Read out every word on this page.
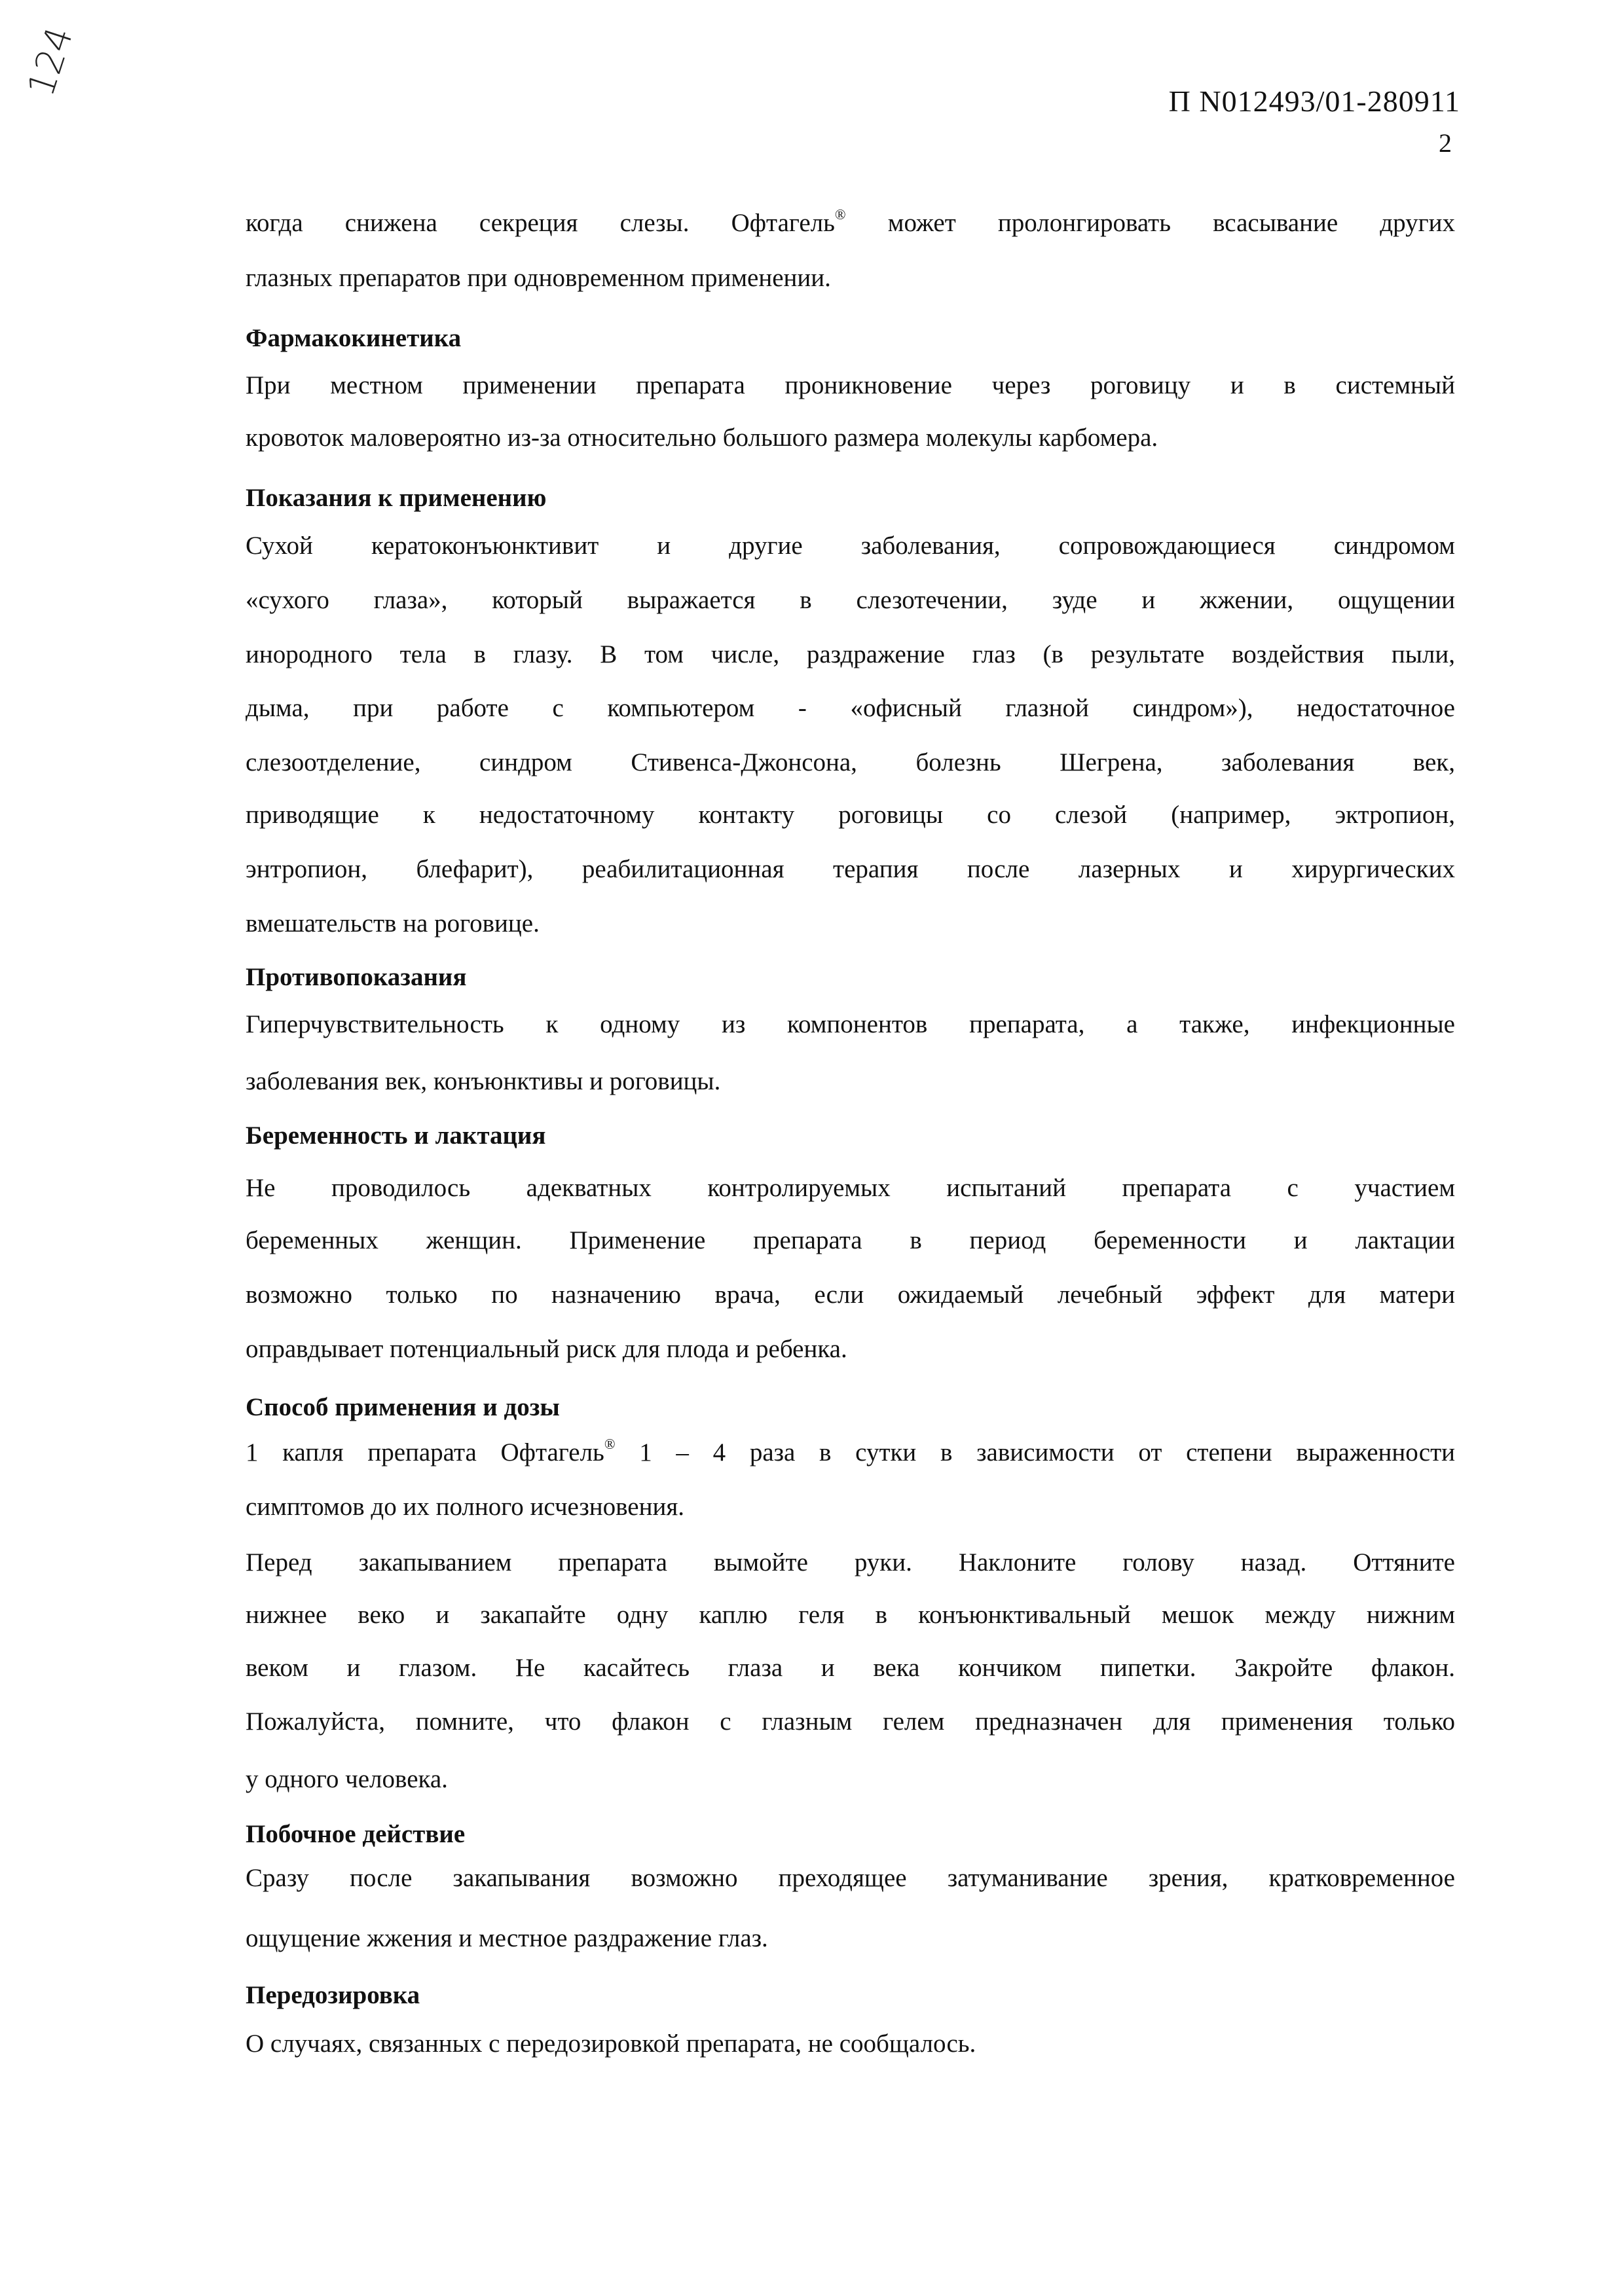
124	П N012493/01-280911
2
когда снижена секреция слезы. Офтагель® может пролонгировать всасывание других
глазных препаратов при одновременном применении.
Фармакокинетика
При местном применении препарата проникновение через роговицу и в системный
кровоток маловероятно из-за относительно большого размера молекулы карбомера.
Показания к применению
Сухой кератоконъюнктивит и другие заболевания, сопровождающиеся синдромом
«сухого глаза», который выражается в слезотечении, зуде и жжении, ощущении
инородного тела в глазу. В том числе, раздражение глаз (в результате воздействия пыли,
дыма, при работе с компьютером - «офисный глазной синдром»), недостаточное
слезоотделение, синдром Стивенса-Джонсона, болезнь Шегрена, заболевания век,
приводящие к недостаточному контакту роговицы со слезой (например, эктропион,
энтропион, блефарит), реабилитационная терапия после лазерных и хирургических
вмешательств на роговице.
Противопоказания
Гиперчувствительность к одному из компонентов препарата, а также, инфекционные
заболевания век, конъюнктивы и роговицы.
Беременность и лактация
Не проводилось адекватных контролируемых испытаний препарата с участием
беременных женщин. Применение препарата в период беременности и лактации
возможно только по назначению врача, если ожидаемый лечебный эффект для матери
оправдывает потенциальный риск для плода и ребенка.
Способ применения и дозы
1 капля препарата Офтагель® 1 – 4 раза в сутки в зависимости от степени выраженности
симптомов до их полного исчезновения.
Перед закапыванием препарата вымойте руки. Наклоните голову назад. Оттяните
нижнее веко и закапайте одну каплю геля в конъюнктивальный мешок между нижним
веком и глазом. Не касайтесь глаза и века кончиком пипетки. Закройте флакон.
Пожалуйста, помните, что флакон с глазным гелем предназначен для применения только
у одного человека.
Побочное действие
Сразу после закапывания возможно преходящее затуманивание зрения, кратковременное
ощущение жжения и местное раздражение глаз.
Передозировка
О случаях, связанных с передозировкой препарата, не сообщалось.
